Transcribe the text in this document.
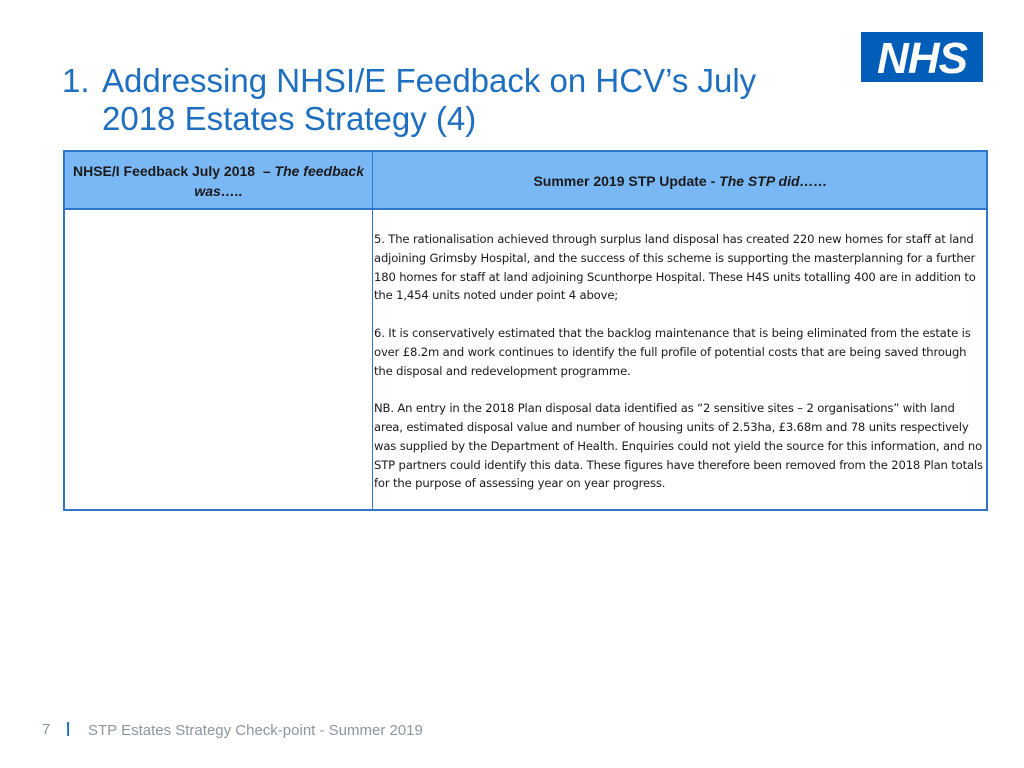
1. Addressing NHSI/E Feedback on HCV’s July
2018 Estates Strategy (4)
NHS
NHSE/I Feedback July 2018  – The feedback was…..
Summer 2019 STP Update - The STP did……

5. The rationalisation achieved through surplus land disposal has created 220 new homes for staff at land adjoining Grimsby Hospital, and the success of this scheme is supporting the masterplanning for a further 180 homes for staff at land adjoining Scunthorpe Hospital. These H4S units totalling 400 are in addition to the 1,454 units noted under point 4 above;

6. It is conservatively estimated that the backlog maintenance that is being eliminated from the estate is over £8.2m and work continues to identify the full profile of potential costs that are being saved through the disposal and redevelopment programme.

NB. An entry in the 2018 Plan disposal data identified as “2 sensitive sites – 2 organisations” with land area, estimated disposal value and number of housing units of 2.53ha, £3.68m and 78 units respectively was supplied by the Department of Health. Enquiries could not yield the source for this information, and no STP partners could identify this data. These figures have therefore been removed from the 2018 Plan totals for the purpose of assessing year on year progress.

7 | STP Estates Strategy Check-point - Summer 2019
